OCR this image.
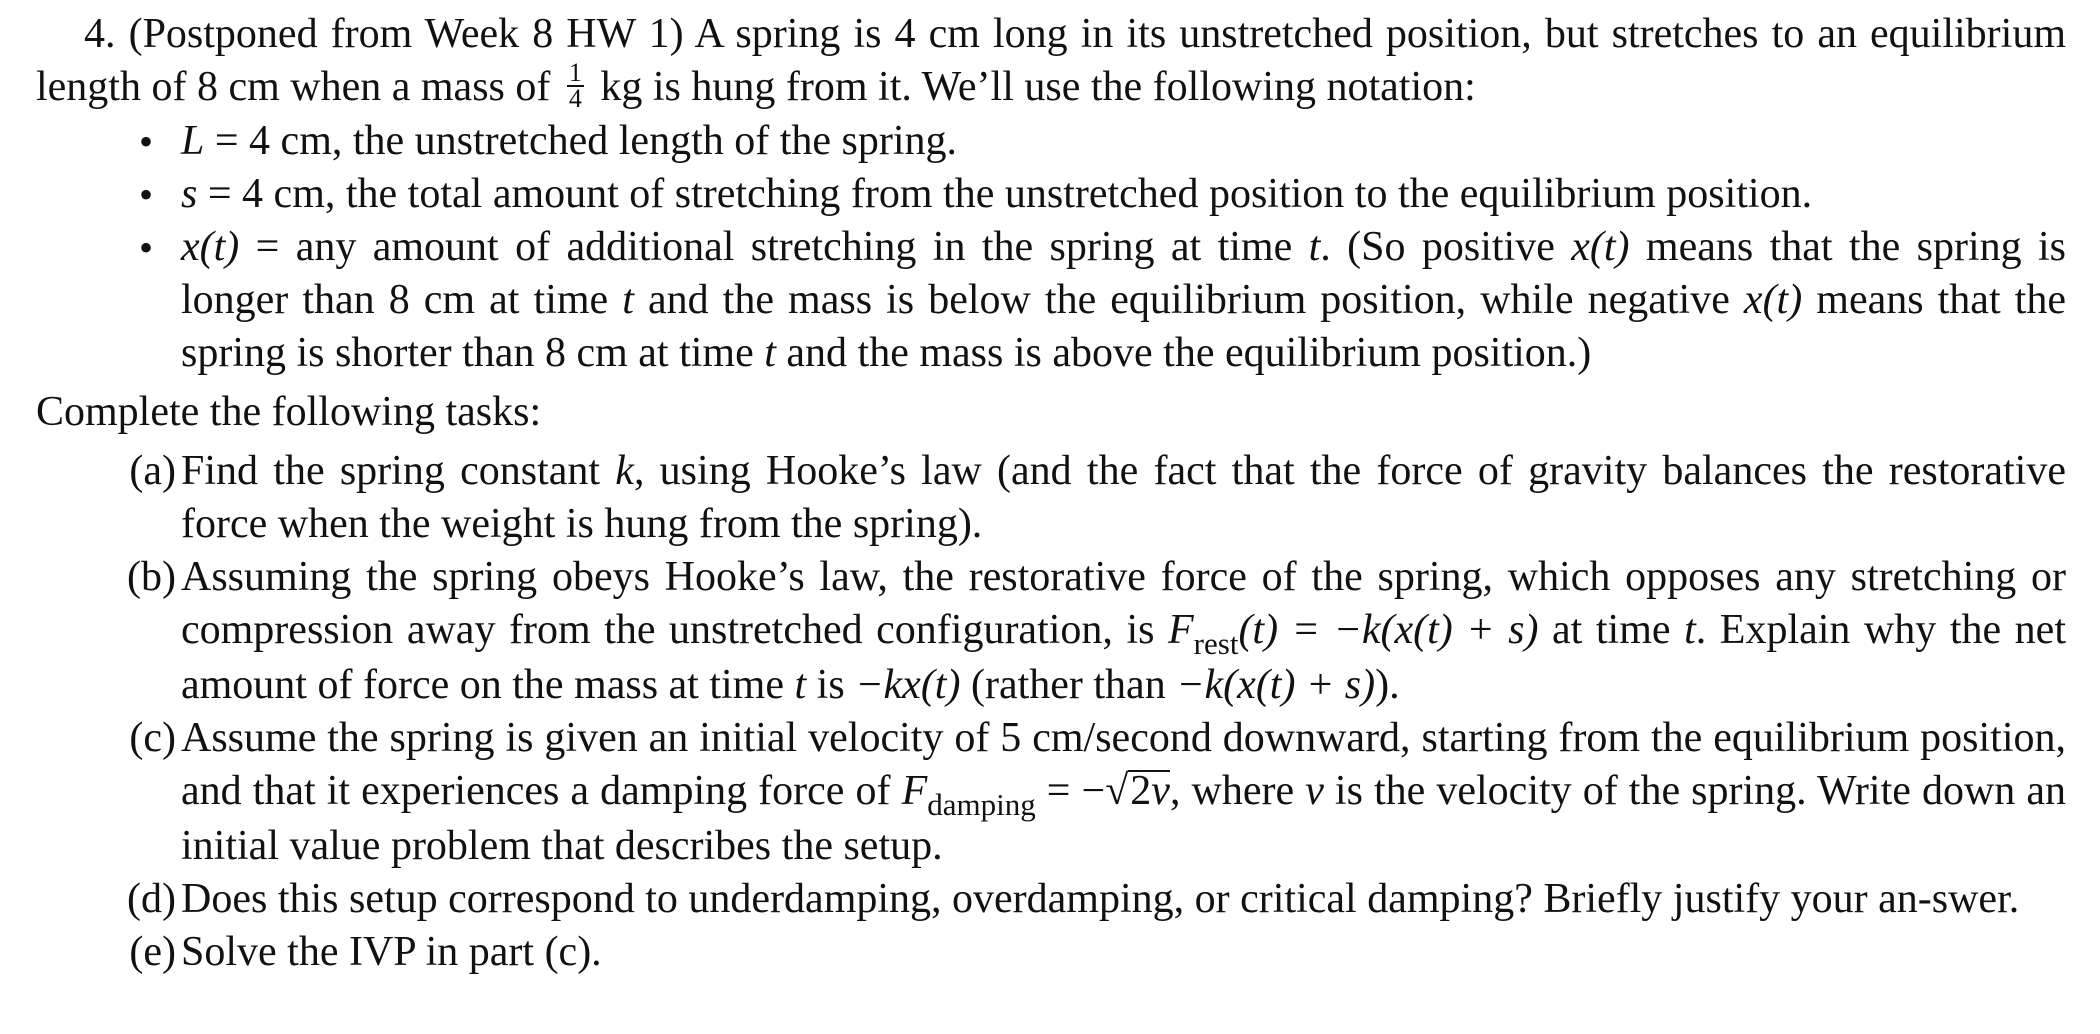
4. (Postponed from Week 8 HW 1) A spring is 4 cm long in its unstretched position, but stretches to an equilibrium length of 8 cm when a mass of $\frac{1}{4}$ kg is hung from it. We’ll use the following notation:

• L = 4 cm, the unstretched length of the spring.
• s = 4 cm, the total amount of stretching from the unstretched position to the equilibrium position.
• x(t) = any amount of additional stretching in the spring at time t. (So positive x(t) means that the spring is longer than 8 cm at time t and the mass is below the equilibrium position, while negative x(t) means that the spring is shorter than 8 cm at time t and the mass is above the equilibrium position.)

Complete the following tasks:

(a) Find the spring constant k, using Hooke’s law (and the fact that the force of gravity balances the restorative force when the weight is hung from the spring).
(b) Assuming the spring obeys Hooke’s law, the restorative force of the spring, which opposes any stretching or compression away from the unstretched configuration, is $F_{rest}(t) = -k(x(t) + s)$ at time t. Explain why the net amount of force on the mass at time t is −kx(t) (rather than −k(x(t) + s)).
(c) Assume the spring is given an initial velocity of 5 cm/second downward, starting from the equilibrium position, and that it experiences a damping force of $F_{damping} = -√2v$, where v is the velocity of the spring. Write down an initial value problem that describes the setup.
(d) Does this setup correspond to underdamping, overdamping, or critical damping? Briefly justify your an-swer.
(e) Solve the IVP in part (c).
